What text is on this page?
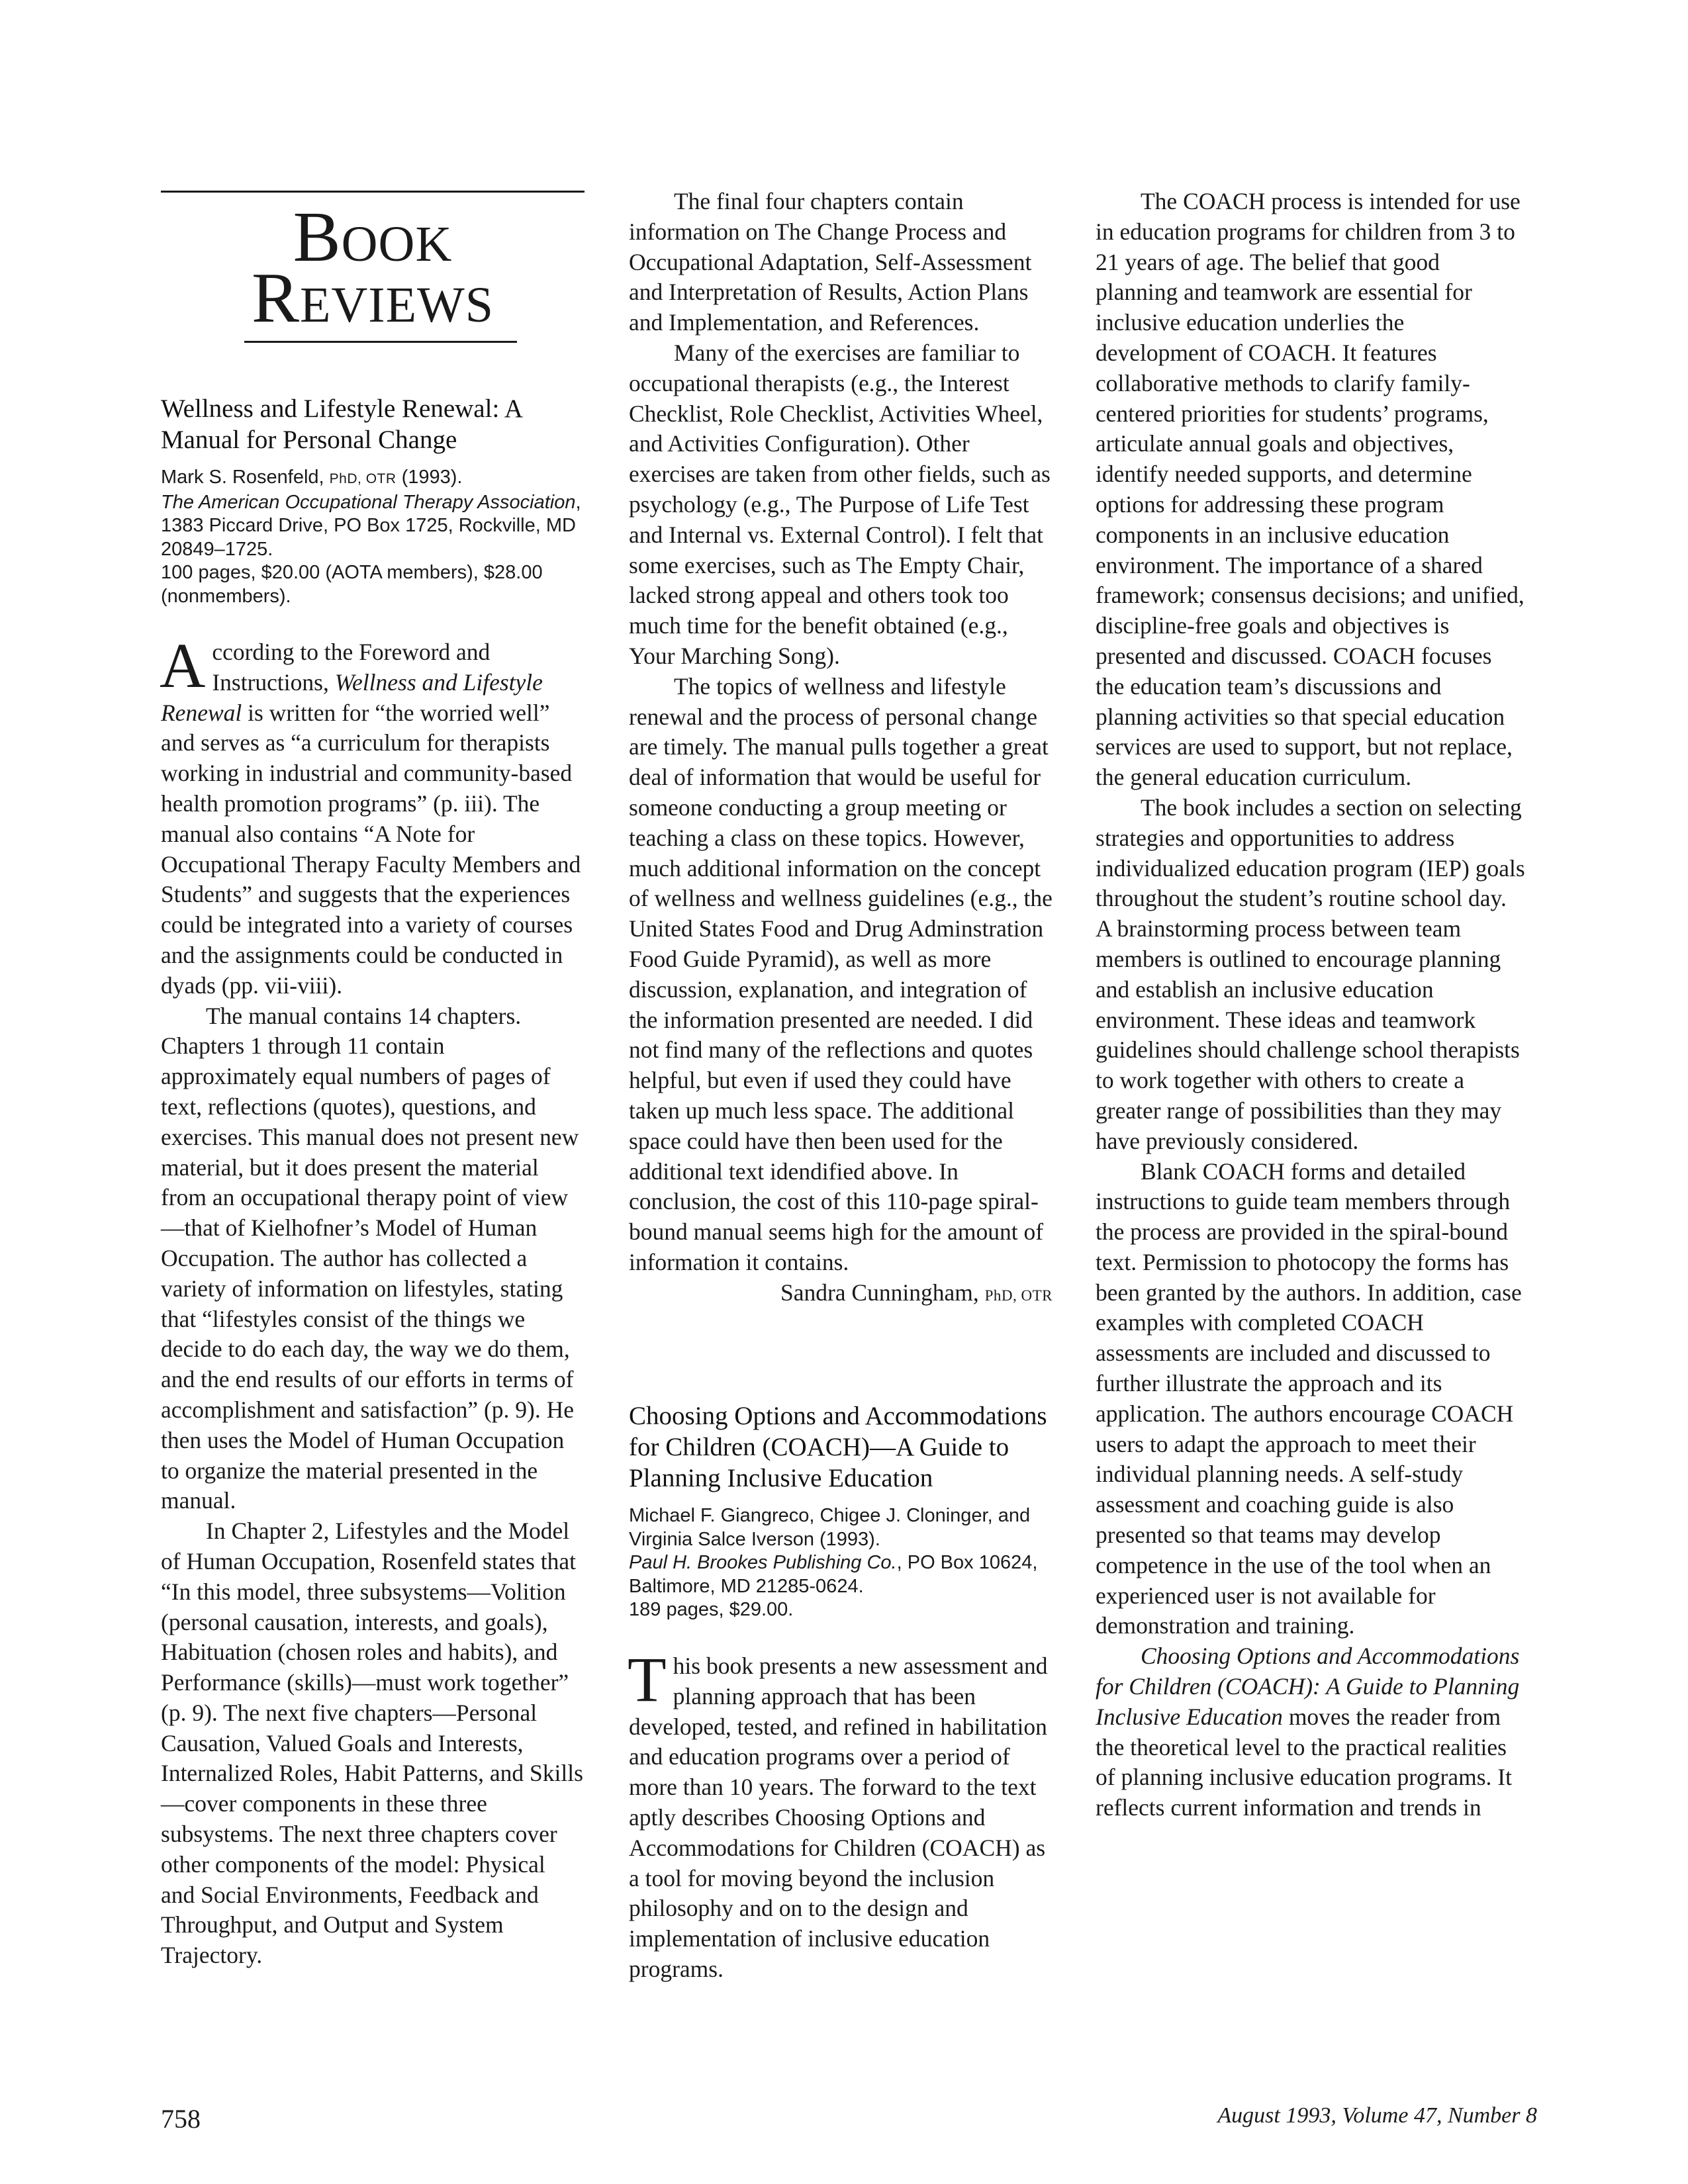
Book
Reviews
Wellness and Lifestyle Renewal: A Manual for Personal Change
Mark S. Rosenfeld, PhD, OTR (1993).
The American Occupational Therapy Association, 1383 Piccard Drive, PO Box 1725, Rockville, MD 20849–1725.
100 pages, $20.00 (AOTA members), $28.00 (nonmembers).

According to the Foreword and Instructions, Wellness and Lifestyle Renewal is written for “the worried well” and serves as “a curriculum for therapists working in industrial and community-based health promotion programs” (p. iii). The manual also contains “A Note for Occupational Therapy Faculty Members and Students” and suggests that the experiences could be integrated into a variety of courses and the assignments could be conducted in dyads (pp. vii-viii).

The manual contains 14 chapters. Chapters 1 through 11 contain approximately equal numbers of pages of text, reflections (quotes), questions, and exercises. This manual does not present new material, but it does present the material from an occupational therapy point of view—that of Kielhofner’s Model of Human Occupation. The author has collected a variety of information on lifestyles, stating that “lifestyles consist of the things we decide to do each day, the way we do them, and the end results of our efforts in terms of accomplishment and satisfaction” (p. 9). He then uses the Model of Human Occupation to organize the material presented in the manual.

In Chapter 2, Lifestyles and the Model of Human Occupation, Rosenfeld states that “In this model, three subsystems—Volition (personal causation, interests, and goals), Habituation (chosen roles and habits), and Performance (skills)—must work together” (p. 9). The next five chapters—Personal Causation, Valued Goals and Interests, Internalized Roles, Habit Patterns, and Skills—cover components in these three subsystems. The next three chapters cover other components of the model: Physical and Social Environments, Feedback and Throughput, and Output and System Trajectory.

The final four chapters contain information on The Change Process and Occupational Adaptation, Self-Assessment and Interpretation of Results, Action Plans and Implementation, and References.

Many of the exercises are familiar to occupational therapists (e.g., the Interest Checklist, Role Checklist, Activities Wheel, and Activities Configuration). Other exercises are taken from other fields, such as psychology (e.g., The Purpose of Life Test and Internal vs. External Control). I felt that some exercises, such as The Empty Chair, lacked strong appeal and others took too much time for the benefit obtained (e.g., Your Marching Song).

The topics of wellness and lifestyle renewal and the process of personal change are timely. The manual pulls together a great deal of information that would be useful for someone conducting a group meeting or teaching a class on these topics. However, much additional information on the concept of wellness and wellness guidelines (e.g., the United States Food and Drug Adminstration Food Guide Pyramid), as well as more discussion, explanation, and integration of the information presented are needed. I did not find many of the reflections and quotes helpful, but even if used they could have taken up much less space. The additional space could have then been used for the additional text idendified above. In conclusion, the cost of this 110-page spiral-bound manual seems high for the amount of information it contains.

Sandra Cunningham, PhD, OTR
Choosing Options and Accommodations for Children (COACH)—A Guide to Planning Inclusive Education
Michael F. Giangreco, Chigee J. Cloninger, and Virginia Salce Iverson (1993).
Paul H. Brookes Publishing Co., PO Box 10624, Baltimore, MD 21285-0624.
189 pages, $29.00.

This book presents a new assessment and planning approach that has been developed, tested, and refined in habilitation and education programs over a period of more than 10 years. The forward to the text aptly describes Choosing Options and Accommodations for Children (COACH) as a tool for moving beyond the inclusion philosophy and on to the design and implementation of inclusive education programs.

The COACH process is intended for use in education programs for children from 3 to 21 years of age. The belief that good planning and teamwork are essential for inclusive education underlies the development of COACH. It features collaborative methods to clarify family-centered priorities for students’ programs, articulate annual goals and objectives, identify needed supports, and determine options for addressing these program components in an inclusive education environment. The importance of a shared framework; consensus decisions; and unified, discipline-free goals and objectives is presented and discussed. COACH focuses the education team’s discussions and planning activities so that special education services are used to support, but not replace, the general education curriculum.

The book includes a section on selecting strategies and opportunities to address individualized education program (IEP) goals throughout the student’s routine school day. A brainstorming process between team members is outlined to encourage planning and establish an inclusive education environment. These ideas and teamwork guidelines should challenge school therapists to work together with others to create a greater range of possibilities than they may have previously considered.

Blank COACH forms and detailed instructions to guide team members through the process are provided in the spiral-bound text. Permission to photocopy the forms has been granted by the authors. In addition, case examples with completed COACH assessments are included and discussed to further illustrate the approach and its application. The authors encourage COACH users to adapt the approach to meet their individual planning needs. A self-study assessment and coaching guide is also presented so that teams may develop competence in the use of the tool when an experienced user is not available for demonstration and training.

Choosing Options and Accommodations for Children (COACH): A Guide to Planning Inclusive Education moves the reader from the theoretical level to the practical realities of planning inclusive education programs. It reflects current information and trends in

758	August 1993, Volume 47, Number 8
